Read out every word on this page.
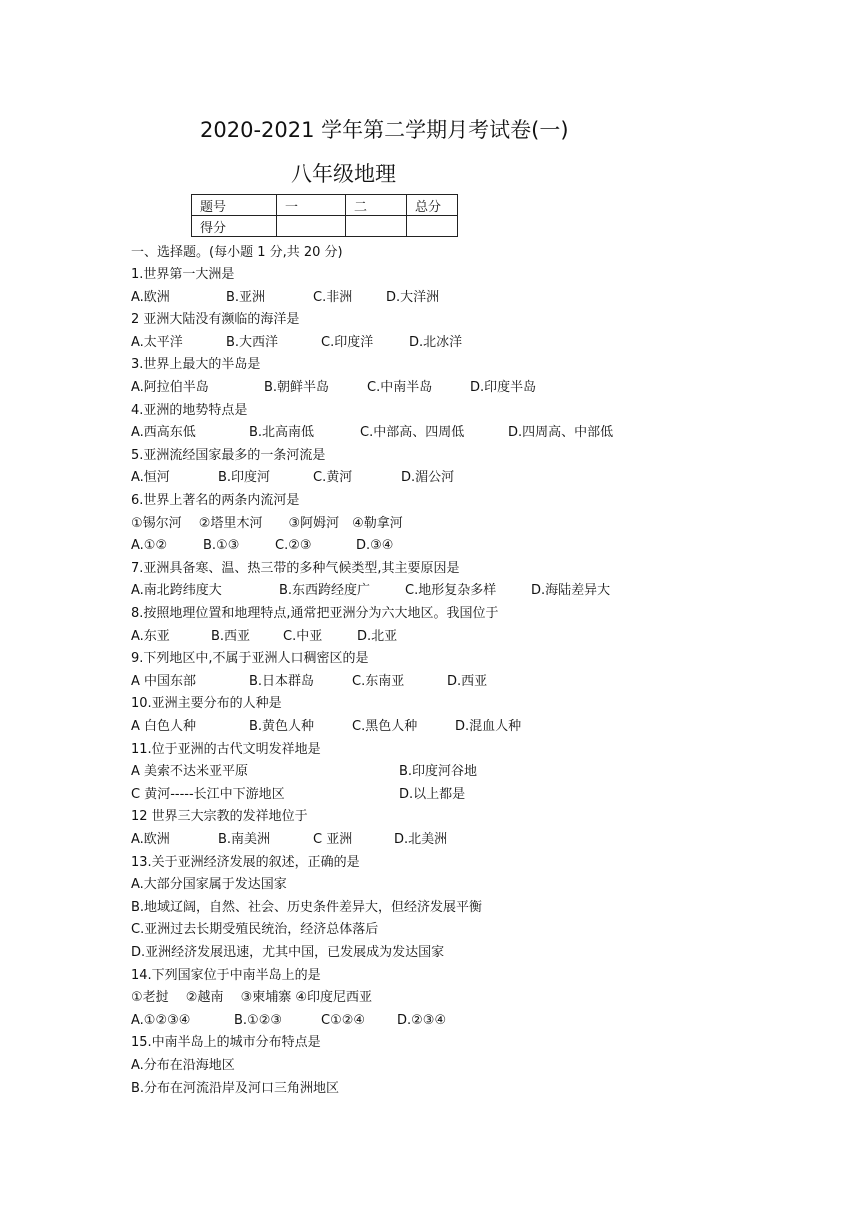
2020-2021 学年第二学期月考试卷(一)
八年级地理
题号	一	二	总分
得分			
一、选择题。(每小题 1 分,共 20 分)
1.世界第一大洲是
A.欧洲	B.亚洲	C.非洲	D.大洋洲
2 亚洲大陆没有濒临的海洋是
A.太平洋	B.大西洋	C.印度洋	D.北冰洋
3.世界上最大的半岛是
A.阿拉伯半岛	B.朝鲜半岛	C.中南半岛	D.印度半岛
4.亚洲的地势特点是
A.西高东低	B.北高南低	C.中部高、四周低	D.四周高、中部低
5.亚洲流经国家最多的一条河流是
A.恒河	B.印度河	C.黄河	D.湄公河
6.世界上著名的两条内流河是
①锡尔河　 ②塔里木河　　③阿姆河　④勒拿河
A.①②	B.①③	C.②③	D.③④
7.亚洲具备寒、温、热三带的多种气候类型,其主要原因是
A.南北跨纬度大	B.东西跨经度广	C.地形复杂多样	D.海陆差异大
8.按照地理位置和地理特点,通常把亚洲分为六大地区。我国位于
A.东亚	B.西亚	C.中亚	D.北亚
9.下列地区中,不属于亚洲人口稠密区的是
A 中国东部	B.日本群岛	C.东南亚	D.西亚
10.亚洲主要分布的人种是
A 白色人种	B.黄色人种	C.黑色人种	D.混血人种
11.位于亚洲的古代文明发祥地是
A 美索不达米亚平原	B.印度河谷地
C 黄河-----长江中下游地区	D.以上都是
12 世界三大宗教的发祥地位于
A.欧洲	B.南美洲	C 亚洲	D.北美洲
13.关于亚洲经济发展的叙述，正确的是
A.大部分国家属于发达国家
B.地域辽阔，自然、社会、历史条件差异大，但经济发展平衡
C.亚洲过去长期受殖民统治，经济总体落后
D.亚洲经济发展迅速，尤其中国，已发展成为发达国家
14.下列国家位于中南半岛上的是
①老挝　 ②越南　 ③柬埔寨 ④印度尼西亚
A.①②③④	B.①②③	C①②④ D.②③④
15.中南半岛上的城市分布特点是
A.分布在沿海地区
B.分布在河流沿岸及河口三角洲地区
